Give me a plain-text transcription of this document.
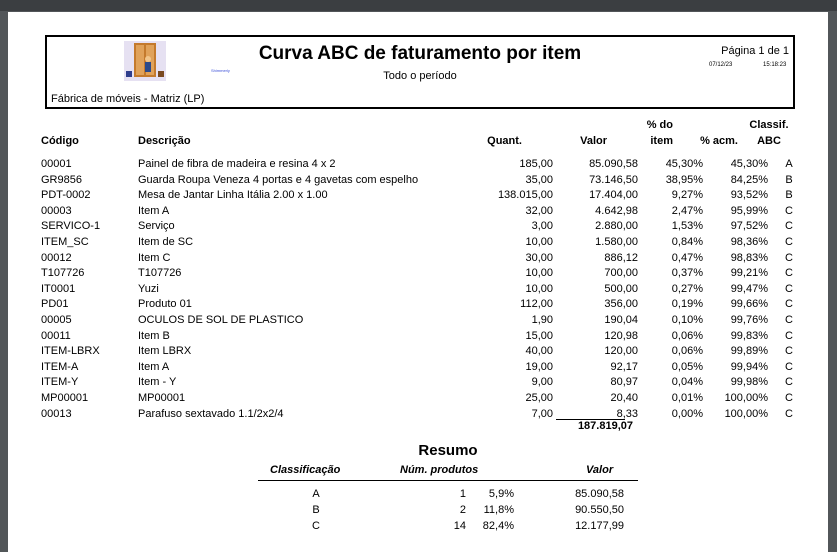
Shimmerly
Curva ABC de faturamento por item
Todo o período
Página 1 de 1
07/12/23	15:18:23
Fábrica de móveis - Matriz (LP)
Código	Descrição	Quant.	Valor
% do
item	% acm.
Classif.
ABC
00001	Painel de fibra de madeira e resina 4 x 2	185,00	85.090,58	45,30%	45,30%	A
GR9856	Guarda Roupa Veneza 4 portas e 4 gavetas com espelho	35,00	73.146,50	38,95%	84,25%	B
PDT-0002	Mesa de Jantar Linha Itália 2.00 x 1.00	138.015,00	17.404,00	9,27%	93,52%	B
00003	Item A	32,00	4.642,98	2,47%	95,99%	C
SERVICO-1	Serviço	3,00	2.880,00	1,53%	97,52%	C
ITEM_SC	Item de SC	10,00	1.580,00	0,84%	98,36%	C
00012	Item C	30,00	886,12	0,47%	98,83%	C
T107726	T107726	10,00	700,00	0,37%	99,21%	C
IT0001	Yuzi	10,00	500,00	0,27%	99,47%	C
PD01	Produto 01	112,00	356,00	0,19%	99,66%	C
00005	OCULOS DE SOL DE PLASTICO	1,90	190,04	0,10%	99,76%	C
00011	Item B	15,00	120,98	0,06%	99,83%	C
ITEM-LBRX	Item LBRX	40,00	120,00	0,06%	99,89%	C
ITEM-A	Item A	19,00	92,17	0,05%	99,94%	C
ITEM-Y	Item - Y	9,00	80,97	0,04%	99,98%	C
MP00001	MP00001	25,00	20,40	0,01%	100,00%	C
00013	Parafuso sextavado 1.1/2x2/4	7,00	8,33	0,00%	100,00%	C
187.819,07
Resumo
Classificação	Núm. produtos	Valor
A	1	5,9%	85.090,58
B	2	11,8%	90.550,50
C	14	82,4%	12.177,99
